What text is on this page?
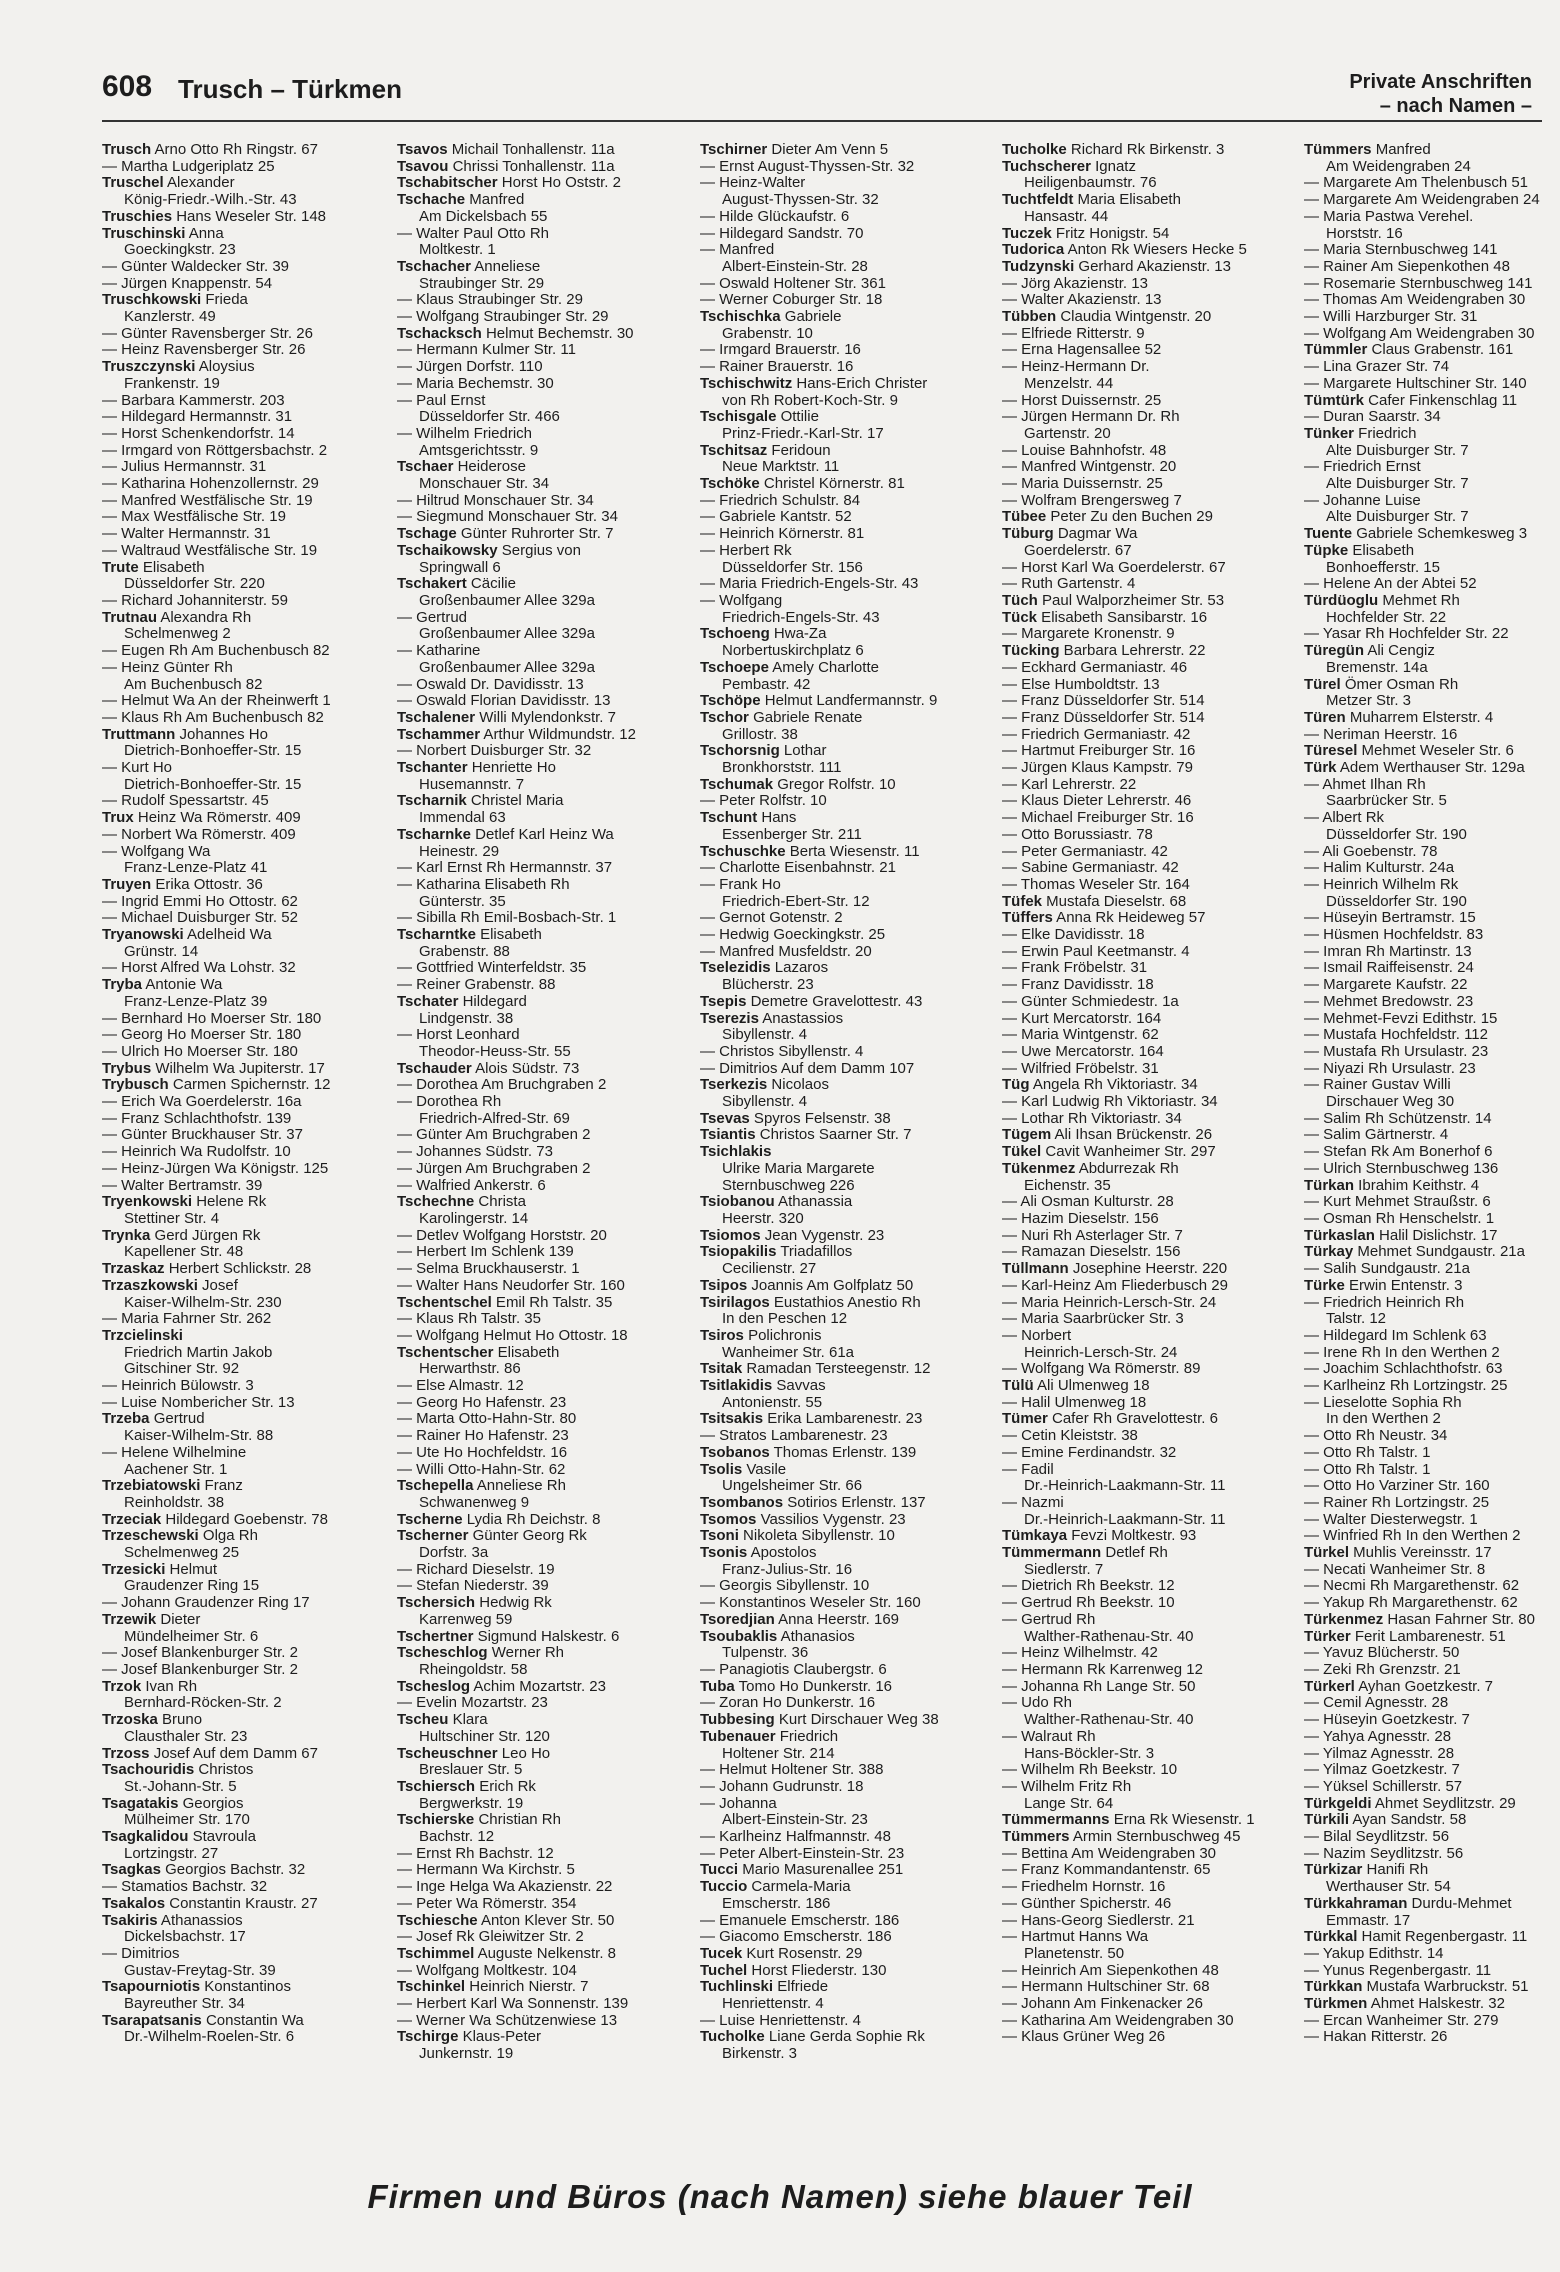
608 Trusch – Türkmen	Private Anschriften
– nach Namen –
Trusch Arno Otto Rh Ringstr. 67
— Martha Ludgeriplatz 25
Truschel Alexander
König-Friedr.-Wilh.-Str. 43
Truschies Hans Weseler Str. 148
Truschinski Anna
Goeckingkstr. 23
— Günter Waldecker Str. 39
— Jürgen Knappenstr. 54
Truschkowski Frieda
Kanzlerstr. 49
— Günter Ravensberger Str. 26
— Heinz Ravensberger Str. 26
Truszczynski Aloysius
Frankenstr. 19
— Barbara Kammerstr. 203
— Hildegard Hermannstr. 31
— Horst Schenkendorfstr. 14
— Irmgard von Röttgersbachstr. 2
— Julius Hermannstr. 31
— Katharina Hohenzollernstr. 29
— Manfred Westfälische Str. 19
— Max Westfälische Str. 19
— Walter Hermannstr. 31
— Waltraud Westfälische Str. 19
Trute Elisabeth
Düsseldorfer Str. 220
— Richard Johanniterstr. 59
Trutnau Alexandra Rh
Schelmenweg 2
— Eugen Rh Am Buchenbusch 82
— Heinz Günter Rh
Am Buchenbusch 82
— Helmut Wa An der Rheinwerft 1
— Klaus Rh Am Buchenbusch 82
Truttmann Johannes Ho
Dietrich-Bonhoeffer-Str. 15
— Kurt Ho
Dietrich-Bonhoeffer-Str. 15
— Rudolf Spessartstr. 45
Trux Heinz Wa Römerstr. 409
— Norbert Wa Römerstr. 409
— Wolfgang Wa
Franz-Lenze-Platz 41
Truyen Erika Ottostr. 36
— Ingrid Emmi Ho Ottostr. 62
— Michael Duisburger Str. 52
Tryanowski Adelheid Wa
Grünstr. 14
— Horst Alfred Wa Lohstr. 32
Tryba Antonie Wa
Franz-Lenze-Platz 39
— Bernhard Ho Moerser Str. 180
— Georg Ho Moerser Str. 180
— Ulrich Ho Moerser Str. 180
Trybus Wilhelm Wa Jupiterstr. 17
Trybusch Carmen Spichernstr. 12
— Erich Wa Goerdelerstr. 16a
— Franz Schlachthofstr. 139
— Günter Bruckhauser Str. 37
— Heinrich Wa Rudolfstr. 10
— Heinz-Jürgen Wa Königstr. 125
— Walter Bertramstr. 39
Tryenkowski Helene Rk
Stettiner Str. 4
Trynka Gerd Jürgen Rk
Kapellener Str. 48
Trzaskaz Herbert Schlickstr. 28
Trzaszkowski Josef
Kaiser-Wilhelm-Str. 230
— Maria Fahrner Str. 262
Trzcielinski
Friedrich Martin Jakob
Gitschiner Str. 92
— Heinrich Bülowstr. 3
— Luise Nombericher Str. 13
Trzeba Gertrud
Kaiser-Wilhelm-Str. 88
— Helene Wilhelmine
Aachener Str. 1
Trzebiatowski Franz
Reinholdstr. 38
Trzeciak Hildegard Goebenstr. 78
Trzeschewski Olga Rh
Schelmenweg 25
Trzesicki Helmut
Graudenzer Ring 15
— Johann Graudenzer Ring 17
Trzewik Dieter
Mündelheimer Str. 6
— Josef Blankenburger Str. 2
— Josef Blankenburger Str. 2
Trzok Ivan Rh
Bernhard-Röcken-Str. 2
Trzoska Bruno
Clausthaler Str. 23
Trzoss Josef Auf dem Damm 67
Tsachouridis Christos
St.-Johann-Str. 5
Tsagatakis Georgios
Mülheimer Str. 170
Tsagkalidou Stavroula
Lortzingstr. 27
Tsagkas Georgios Bachstr. 32
— Stamatios Bachstr. 32
Tsakalos Constantin Kraustr. 27
Tsakiris Athanassios
Dickelsbachstr. 17
— Dimitrios
Gustav-Freytag-Str. 39
Tsapourniotis Konstantinos
Bayreuther Str. 34
Tsarapatsanis Constantin Wa
Dr.-Wilhelm-Roelen-Str. 6
Tsavos Michail Tonhallenstr. 11a
Tsavou Chrissi Tonhallenstr. 11a
Tschabitscher Horst Ho Oststr. 2
Tschache Manfred
Am Dickelsbach 55
— Walter Paul Otto Rh
Moltkestr. 1
Tschacher Anneliese
Straubinger Str. 29
— Klaus Straubinger Str. 29
— Wolfgang Straubinger Str. 29
Tschacksch Helmut Bechemstr. 30
— Hermann Kulmer Str. 11
— Jürgen Dorfstr. 110
— Maria Bechemstr. 30
— Paul Ernst
Düsseldorfer Str. 466
— Wilhelm Friedrich
Amtsgerichtsstr. 9
Tschaer Heiderose
Monschauer Str. 34
— Hiltrud Monschauer Str. 34
— Siegmund Monschauer Str. 34
Tschage Günter Ruhrorter Str. 7
Tschaikowsky Sergius von
Springwall 6
Tschakert Cäcilie
Großenbaumer Allee 329a
— Gertrud
Großenbaumer Allee 329a
— Katharine
Großenbaumer Allee 329a
— Oswald Dr. Davidisstr. 13
— Oswald Florian Davidisstr. 13
Tschalener Willi Mylendonkstr. 7
Tschammer Arthur Wildmundstr. 12
— Norbert Duisburger Str. 32
Tschanter Henriette Ho
Husemannstr. 7
Tscharnik Christel Maria
Immendal 63
Tscharnke Detlef Karl Heinz Wa
Heinestr. 29
— Karl Ernst Rh Hermannstr. 37
— Katharina Elisabeth Rh
Günterstr. 35
— Sibilla Rh Emil-Bosbach-Str. 1
Tscharntke Elisabeth
Grabenstr. 88
— Gottfried Winterfeldstr. 35
— Reiner Grabenstr. 88
Tschater Hildegard
Lindgenstr. 38
— Horst Leonhard
Theodor-Heuss-Str. 55
Tschauder Alois Südstr. 73
— Dorothea Am Bruchgraben 2
— Dorothea Rh
Friedrich-Alfred-Str. 69
— Günter Am Bruchgraben 2
— Johannes Südstr. 73
— Jürgen Am Bruchgraben 2
— Walfried Ankerstr. 6
Tschechne Christa
Karolingerstr. 14
— Detlev Wolfgang Horststr. 20
— Herbert Im Schlenk 139
— Selma Bruckhauserstr. 1
— Walter Hans Neudorfer Str. 160
Tschentschel Emil Rh Talstr. 35
— Klaus Rh Talstr. 35
— Wolfgang Helmut Ho Ottostr. 18
Tschentscher Elisabeth
Herwarthstr. 86
— Else Almastr. 12
— Georg Ho Hafenstr. 23
— Marta Otto-Hahn-Str. 80
— Rainer Ho Hafenstr. 23
— Ute Ho Hochfeldstr. 16
— Willi Otto-Hahn-Str. 62
Tschepella Anneliese Rh
Schwanenweg 9
Tscherne Lydia Rh Deichstr. 8
Tscherner Günter Georg Rk
Dorfstr. 3a
— Richard Dieselstr. 19
— Stefan Niederstr. 39
Tschersich Hedwig Rk
Karrenweg 59
Tschertner Sigmund Halskestr. 6
Tscheschlog Werner Rh
Rheingoldstr. 58
Tscheslog Achim Mozartstr. 23
— Evelin Mozartstr. 23
Tscheu Klara
Hultschiner Str. 120
Tscheuschner Leo Ho
Breslauer Str. 5
Tschiersch Erich Rk
Bergwerkstr. 19
Tschierske Christian Rh
Bachstr. 12
— Ernst Rh Bachstr. 12
— Hermann Wa Kirchstr. 5
— Inge Helga Wa Akazienstr. 22
— Peter Wa Römerstr. 354
Tschiesche Anton Klever Str. 50
— Josef Rk Gleiwitzer Str. 2
Tschimmel Auguste Nelkenstr. 8
— Wolfgang Moltkestr. 104
Tschinkel Heinrich Nierstr. 7
— Herbert Karl Wa Sonnenstr. 139
— Werner Wa Schützenwiese 13
Tschirge Klaus-Peter
Junkernstr. 19
Tschirner Dieter Am Venn 5
— Ernst August-Thyssen-Str. 32
— Heinz-Walter
August-Thyssen-Str. 32
— Hilde Glückaufstr. 6
— Hildegard Sandstr. 70
— Manfred
Albert-Einstein-Str. 28
— Oswald Holtener Str. 361
— Werner Coburger Str. 18
Tschischka Gabriele
Grabenstr. 10
— Irmgard Brauerstr. 16
— Rainer Brauerstr. 16
Tschischwitz Hans-Erich Christer
von Rh Robert-Koch-Str. 9
Tschisgale Ottilie
Prinz-Friedr.-Karl-Str. 17
Tschitsaz Feridoun
Neue Marktstr. 11
Tschöke Christel Körnerstr. 81
— Friedrich Schulstr. 84
— Gabriele Kantstr. 52
— Heinrich Körnerstr. 81
— Herbert Rk
Düsseldorfer Str. 156
— Maria Friedrich-Engels-Str. 43
— Wolfgang
Friedrich-Engels-Str. 43
Tschoeng Hwa-Za
Norbertuskirchplatz 6
Tschoepe Amely Charlotte
Pembastr. 42
Tschöpe Helmut Landfermannstr. 9
Tschor Gabriele Renate
Grillostr. 38
Tschorsnig Lothar
Bronkhorststr. 111
Tschumak Gregor Rolfstr. 10
— Peter Rolfstr. 10
Tschunt Hans
Essenberger Str. 211
Tschuschke Berta Wiesenstr. 11
— Charlotte Eisenbahnstr. 21
— Frank Ho
Friedrich-Ebert-Str. 12
— Gernot Gotenstr. 2
— Hedwig Goeckingkstr. 25
— Manfred Musfeldstr. 20
Tselezidis Lazaros
Blücherstr. 23
Tsepis Demetre Gravelottestr. 43
Tserezis Anastassios
Sibyllenstr. 4
— Christos Sibyllenstr. 4
— Dimitrios Auf dem Damm 107
Tserkezis Nicolaos
Sibyllenstr. 4
Tsevas Spyros Felsenstr. 38
Tsiantis Christos Saarner Str. 7
Tsichlakis
Ulrike Maria Margarete
Sternbuschweg 226
Tsiobanou Athanassia
Heerstr. 320
Tsiomos Jean Vygenstr. 23
Tsiopakilis Triadafillos
Cecilienstr. 27
Tsipos Joannis Am Golfplatz 50
Tsirilagos Eustathios Anestio Rh
In den Peschen 12
Tsiros Polichronis
Wanheimer Str. 61a
Tsitak Ramadan Tersteegenstr. 12
Tsitlakidis Savvas
Antonienstr. 55
Tsitsakis Erika Lambarenestr. 23
— Stratos Lambarenestr. 23
Tsobanos Thomas Erlenstr. 139
Tsolis Vasile
Ungelsheimer Str. 66
Tsombanos Sotirios Erlenstr. 137
Tsomos Vassilios Vygenstr. 23
Tsoni Nikoleta Sibyllenstr. 10
Tsonis Apostolos
Franz-Julius-Str. 16
— Georgis Sibyllenstr. 10
— Konstantinos Weseler Str. 160
Tsoredjian Anna Heerstr. 169
Tsoubaklis Athanasios
Tulpenstr. 36
— Panagiotis Claubergstr. 6
Tuba Tomo Ho Dunkerstr. 16
— Zoran Ho Dunkerstr. 16
Tubbesing Kurt Dirschauer Weg 38
Tubenauer Friedrich
Holtener Str. 214
— Helmut Holtener Str. 388
— Johann Gudrunstr. 18
— Johanna
Albert-Einstein-Str. 23
— Karlheinz Halfmannstr. 48
— Peter Albert-Einstein-Str. 23
Tucci Mario Masurenallee 251
Tuccio Carmela-Maria
Emscherstr. 186
— Emanuele Emscherstr. 186
— Giacomo Emscherstr. 186
Tucek Kurt Rosenstr. 29
Tuchel Horst Fliederstr. 130
Tuchlinski Elfriede
Henriettenstr. 4
— Luise Henriettenstr. 4
Tucholke Liane Gerda Sophie Rk
Birkenstr. 3
Tucholke Richard Rk Birkenstr. 3
Tuchscherer Ignatz
Heiligenbaumstr. 76
Tuchtfeldt Maria Elisabeth
Hansastr. 44
Tuczek Fritz Honigstr. 54
Tudorica Anton Rk Wiesers Hecke 5
Tudzynski Gerhard Akazienstr. 13
— Jörg Akazienstr. 13
— Walter Akazienstr. 13
Tübben Claudia Wintgenstr. 20
— Elfriede Ritterstr. 9
— Erna Hagensallee 52
— Heinz-Hermann Dr.
Menzelstr. 44
— Horst Duissernstr. 25
— Jürgen Hermann Dr. Rh
Gartenstr. 20
— Louise Bahnhofstr. 48
— Manfred Wintgenstr. 20
— Maria Duissernstr. 25
— Wolfram Brengersweg 7
Tübee Peter Zu den Buchen 29
Tüburg Dagmar Wa
Goerdelerstr. 67
— Horst Karl Wa Goerdelerstr. 67
— Ruth Gartenstr. 4
Tüch Paul Walporzheimer Str. 53
Tück Elisabeth Sansibarstr. 16
— Margarete Kronenstr. 9
Tücking Barbara Lehrerstr. 22
— Eckhard Germaniastr. 46
— Else Humboldtstr. 13
— Franz Düsseldorfer Str. 514
— Franz Düsseldorfer Str. 514
— Friedrich Germaniastr. 42
— Hartmut Freiburger Str. 16
— Jürgen Klaus Kampstr. 79
— Karl Lehrerstr. 22
— Klaus Dieter Lehrerstr. 46
— Michael Freiburger Str. 16
— Otto Borussiastr. 78
— Peter Germaniastr. 42
— Sabine Germaniastr. 42
— Thomas Weseler Str. 164
Tüfek Mustafa Dieselstr. 68
Tüffers Anna Rk Heideweg 57
— Elke Davidisstr. 18
— Erwin Paul Keetmanstr. 4
— Frank Fröbelstr. 31
— Franz Davidisstr. 18
— Günter Schmiedestr. 1a
— Kurt Mercatorstr. 164
— Maria Wintgenstr. 62
— Uwe Mercatorstr. 164
— Wilfried Fröbelstr. 31
Tüg Angela Rh Viktoriastr. 34
— Karl Ludwig Rh Viktoriastr. 34
— Lothar Rh Viktoriastr. 34
Tügem Ali Ihsan Brückenstr. 26
Tükel Cavit Wanheimer Str. 297
Tükenmez Abdurrezak Rh
Eichenstr. 35
— Ali Osman Kulturstr. 28
— Hazim Dieselstr. 156
— Nuri Rh Asterlager Str. 7
— Ramazan Dieselstr. 156
Tüllmann Josephine Heerstr. 220
— Karl-Heinz Am Fliederbusch 29
— Maria Heinrich-Lersch-Str. 24
— Maria Saarbrücker Str. 3
— Norbert
Heinrich-Lersch-Str. 24
— Wolfgang Wa Römerstr. 89
Tülü Ali Ulmenweg 18
— Halil Ulmenweg 18
Tümer Cafer Rh Gravelottestr. 6
— Cetin Kleiststr. 38
— Emine Ferdinandstr. 32
— Fadil
Dr.-Heinrich-Laakmann-Str. 11
— Nazmi
Dr.-Heinrich-Laakmann-Str. 11
Tümkaya Fevzi Moltkestr. 93
Tümmermann Detlef Rh
Siedlerstr. 7
— Dietrich Rh Beekstr. 12
— Gertrud Rh Beekstr. 10
— Gertrud Rh
Walther-Rathenau-Str. 40
— Heinz Wilhelmstr. 42
— Hermann Rk Karrenweg 12
— Johanna Rh Lange Str. 50
— Udo Rh
Walther-Rathenau-Str. 40
— Walraut Rh
Hans-Böckler-Str. 3
— Wilhelm Rh Beekstr. 10
— Wilhelm Fritz Rh
Lange Str. 64
Tümmermanns Erna Rk Wiesenstr. 1
Tümmers Armin Sternbuschweg 45
— Bettina Am Weidengraben 30
— Franz Kommandantenstr. 65
— Friedhelm Hornstr. 16
— Günther Spicherstr. 46
— Hans-Georg Siedlerstr. 21
— Hartmut Hanns Wa
Planetenstr. 50
— Heinrich Am Siepenkothen 48
— Hermann Hultschiner Str. 68
— Johann Am Finkenacker 26
— Katharina Am Weidengraben 30
— Klaus Grüner Weg 26
Tümmers Manfred
Am Weidengraben 24
— Margarete Am Thelenbusch 51
— Margarete Am Weidengraben 24
— Maria Pastwa Verehel.
Horststr. 16
— Maria Sternbuschweg 141
— Rainer Am Siepenkothen 48
— Rosemarie Sternbuschweg 141
— Thomas Am Weidengraben 30
— Willi Harzburger Str. 31
— Wolfgang Am Weidengraben 30
Tümmler Claus Grabenstr. 161
— Lina Grazer Str. 74
— Margarete Hultschiner Str. 140
Tümtürk Cafer Finkenschlag 11
— Duran Saarstr. 34
Tünker Friedrich
Alte Duisburger Str. 7
— Friedrich Ernst
Alte Duisburger Str. 7
— Johanne Luise
Alte Duisburger Str. 7
Tuente Gabriele Schemkesweg 3
Tüpke Elisabeth
Bonhoefferstr. 15
— Helene An der Abtei 52
Türdüoglu Mehmet Rh
Hochfelder Str. 22
— Yasar Rh Hochfelder Str. 22
Türegün Ali Cengiz
Bremenstr. 14a
Türel Ömer Osman Rh
Metzer Str. 3
Türen Muharrem Elsterstr. 4
— Neriman Heerstr. 16
Türesel Mehmet Weseler Str. 6
Türk Adem Werthauser Str. 129a
— Ahmet Ilhan Rh
Saarbrücker Str. 5
— Albert Rk
Düsseldorfer Str. 190
— Ali Goebenstr. 78
— Halim Kulturstr. 24a
— Heinrich Wilhelm Rk
Düsseldorfer Str. 190
— Hüseyin Bertramstr. 15
— Hüsmen Hochfeldstr. 83
— Imran Rh Martinstr. 13
— Ismail Raiffeisenstr. 24
— Margarete Kaufstr. 22
— Mehmet Bredowstr. 23
— Mehmet-Fevzi Edithstr. 15
— Mustafa Hochfeldstr. 112
— Mustafa Rh Ursulastr. 23
— Niyazi Rh Ursulastr. 23
— Rainer Gustav Willi
Dirschauer Weg 30
— Salim Rh Schützenstr. 14
— Salim Gärtnerstr. 4
— Stefan Rk Am Bonerhof 6
— Ulrich Sternbuschweg 136
Türkan Ibrahim Keithstr. 4
— Kurt Mehmet Straußstr. 6
— Osman Rh Henschelstr. 1
Türkaslan Halil Dislichstr. 17
Türkay Mehmet Sundgaustr. 21a
— Salih Sundgaustr. 21a
Türke Erwin Entenstr. 3
— Friedrich Heinrich Rh
Talstr. 12
— Hildegard Im Schlenk 63
— Irene Rh In den Werthen 2
— Joachim Schlachthofstr. 63
— Karlheinz Rh Lortzingstr. 25
— Lieselotte Sophia Rh
In den Werthen 2
— Otto Rh Neustr. 34
— Otto Rh Talstr. 1
— Otto Rh Talstr. 1
— Otto Ho Varziner Str. 160
— Rainer Rh Lortzingstr. 25
— Walter Diesterwegstr. 1
— Winfried Rh In den Werthen 2
Türkel Muhlis Vereinsstr. 17
— Necati Wanheimer Str. 8
— Necmi Rh Margarethenstr. 62
— Yakup Rh Margarethenstr. 62
Türkenmez Hasan Fahrner Str. 80
Türker Ferit Lambarenestr. 51
— Yavuz Blücherstr. 50
— Zeki Rh Grenzstr. 21
Türkerl Ayhan Goetzkestr. 7
— Cemil Agnesstr. 28
— Hüseyin Goetzkestr. 7
— Yahya Agnesstr. 28
— Yilmaz Agnesstr. 28
— Yilmaz Goetzkestr. 7
— Yüksel Schillerstr. 57
Türkgeldi Ahmet Seydlitzstr. 29
Türkili Ayan Sandstr. 58
— Bilal Seydlitzstr. 56
— Nazim Seydlitzstr. 56
Türkizar Hanifi Rh
Werthauser Str. 54
Türkkahraman Durdu-Mehmet
Emmastr. 17
Türkkal Hamit Regenbergastr. 11
— Yakup Edithstr. 14
— Yunus Regenbergastr. 11
Türkkan Mustafa Warbruckstr. 51
Türkmen Ahmet Halskestr. 32
— Ercan Wanheimer Str. 279
— Hakan Ritterstr. 26
Firmen und Büros (nach Namen) siehe blauer Teil
